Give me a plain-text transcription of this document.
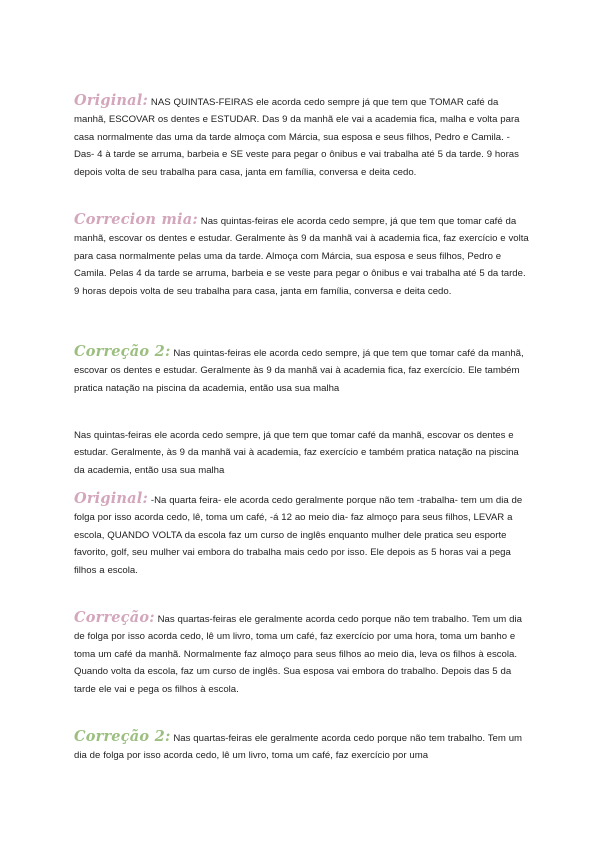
Original: NAS QUINTAS-FEIRAS ele acorda cedo sempre já que tem que TOMAR café da manhã, ESCOVAR os dentes e ESTUDAR. Das 9 da manhã ele vai a academia fica, malha e volta para casa normalmente das uma da tarde almoça com Márcia, sua esposa e seus filhos, Pedro e Camila. -Das- 4 à tarde se arruma, barbeia e SE veste para pegar o ônibus e vai trabalha até 5 da tarde. 9 horas depois volta de seu trabalha para casa, janta em família, conversa e deita cedo.

Correcion mia: Nas quintas-feiras ele acorda cedo sempre, já que tem que tomar café da manhã, escovar os dentes e estudar. Geralmente às 9 da manhã vai à academia fica, faz exercício e volta para casa normalmente pelas uma da tarde. Almoça com Márcia, sua esposa e seus filhos, Pedro e Camila. Pelas 4 da tarde se arruma, barbeia e se veste para pegar o ônibus e vai trabalha até 5 da tarde. 9 horas depois volta de seu trabalha para casa, janta em família, conversa e deita cedo.

Correção 2: Nas quintas-feiras ele acorda cedo sempre, já que tem que tomar café da manhã, escovar os dentes e estudar. Geralmente às 9 da manhã vai à academia fica, faz exercício. Ele também pratica natação na piscina da academia, então usa sua malha

Nas quintas-feiras ele acorda cedo sempre, já que tem que tomar café da manhã, escovar os dentes e estudar. Geralmente, às 9 da manhã vai à academia, faz exercício e também pratica natação na piscina da academia, então usa sua malha

Original: -Na quarta feira- ele acorda cedo geralmente porque não tem -trabalha- tem um dia de folga por isso acorda cedo, lê, toma um café, -á 12 ao meio dia- faz almoço para seus filhos, LEVAR a escola, QUANDO VOLTA da escola faz um curso de inglês enquanto mulher dele pratica seu esporte favorito, golf, seu mulher vai embora do trabalha mais cedo por isso. Ele depois as 5 horas vai a pega filhos a escola.

Correção: Nas quartas-feiras ele geralmente acorda cedo porque não tem trabalho. Tem um dia de folga por isso acorda cedo, lê um livro, toma um café, faz exercício por uma hora, toma um banho e toma um café da manhã. Normalmente faz almoço para seus filhos ao meio dia, leva os filhos à escola. Quando volta da escola, faz um curso de inglês. Sua esposa vai embora do trabalho. Depois das 5 da tarde ele vai e pega os filhos à escola.

Correção 2: Nas quartas-feiras ele geralmente acorda cedo porque não tem trabalho. Tem um dia de folga por isso acorda cedo, lê um livro, toma um café, faz exercício por uma
